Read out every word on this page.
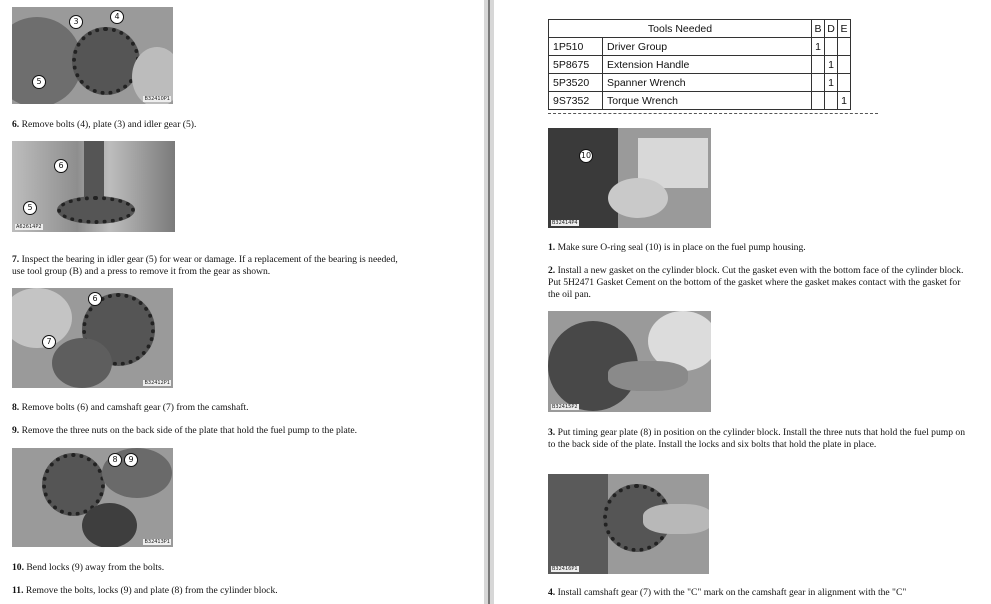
3
4
5
B32410P1

6. Remove bolts (4), plate (3) and idler gear (5).

6
5
A62614P2

7. Inspect the bearing in idler gear (5) for wear or damage. If a replacement of the bearing is needed, use tool group (B) and a press to remove it from the gear as shown.

6
7
B32412P1

8. Remove bolts (6) and camshaft gear (7) from the camshaft.

9. Remove the three nuts on the back side of the plate that hold the fuel pump to the plate.

8	9
B32413P1

10. Bend locks (9) away from the bolts.

11. Remove the bolts, locks (9) and plate (8) from the cylinder block.

Tools Needed		B	D	E
1P510	Driver Group	1		
5P8675	Extension Handle		1	
5P3520	Spanner Wrench		1	
9S7352	Torque Wrench			1
10
B32414P4

1. Make sure O-ring seal (10) is in place on the fuel pump housing.

2. Install a new gasket on the cylinder block. Cut the gasket even with the bottom face of the cylinder block. Put 5H2471 Gasket Cement on the bottom of the gasket where the gasket makes contact with the gasket for the oil pan.

B32415P2

3. Put timing gear plate (8) in position on the cylinder block. Install the three nuts that hold the fuel pump on to the back side of the plate. Install the locks and six bolts that hold the plate in place.

B32416P1

4. Install camshaft gear (7) with the "C" mark on the camshaft gear in alignment with the "C"
